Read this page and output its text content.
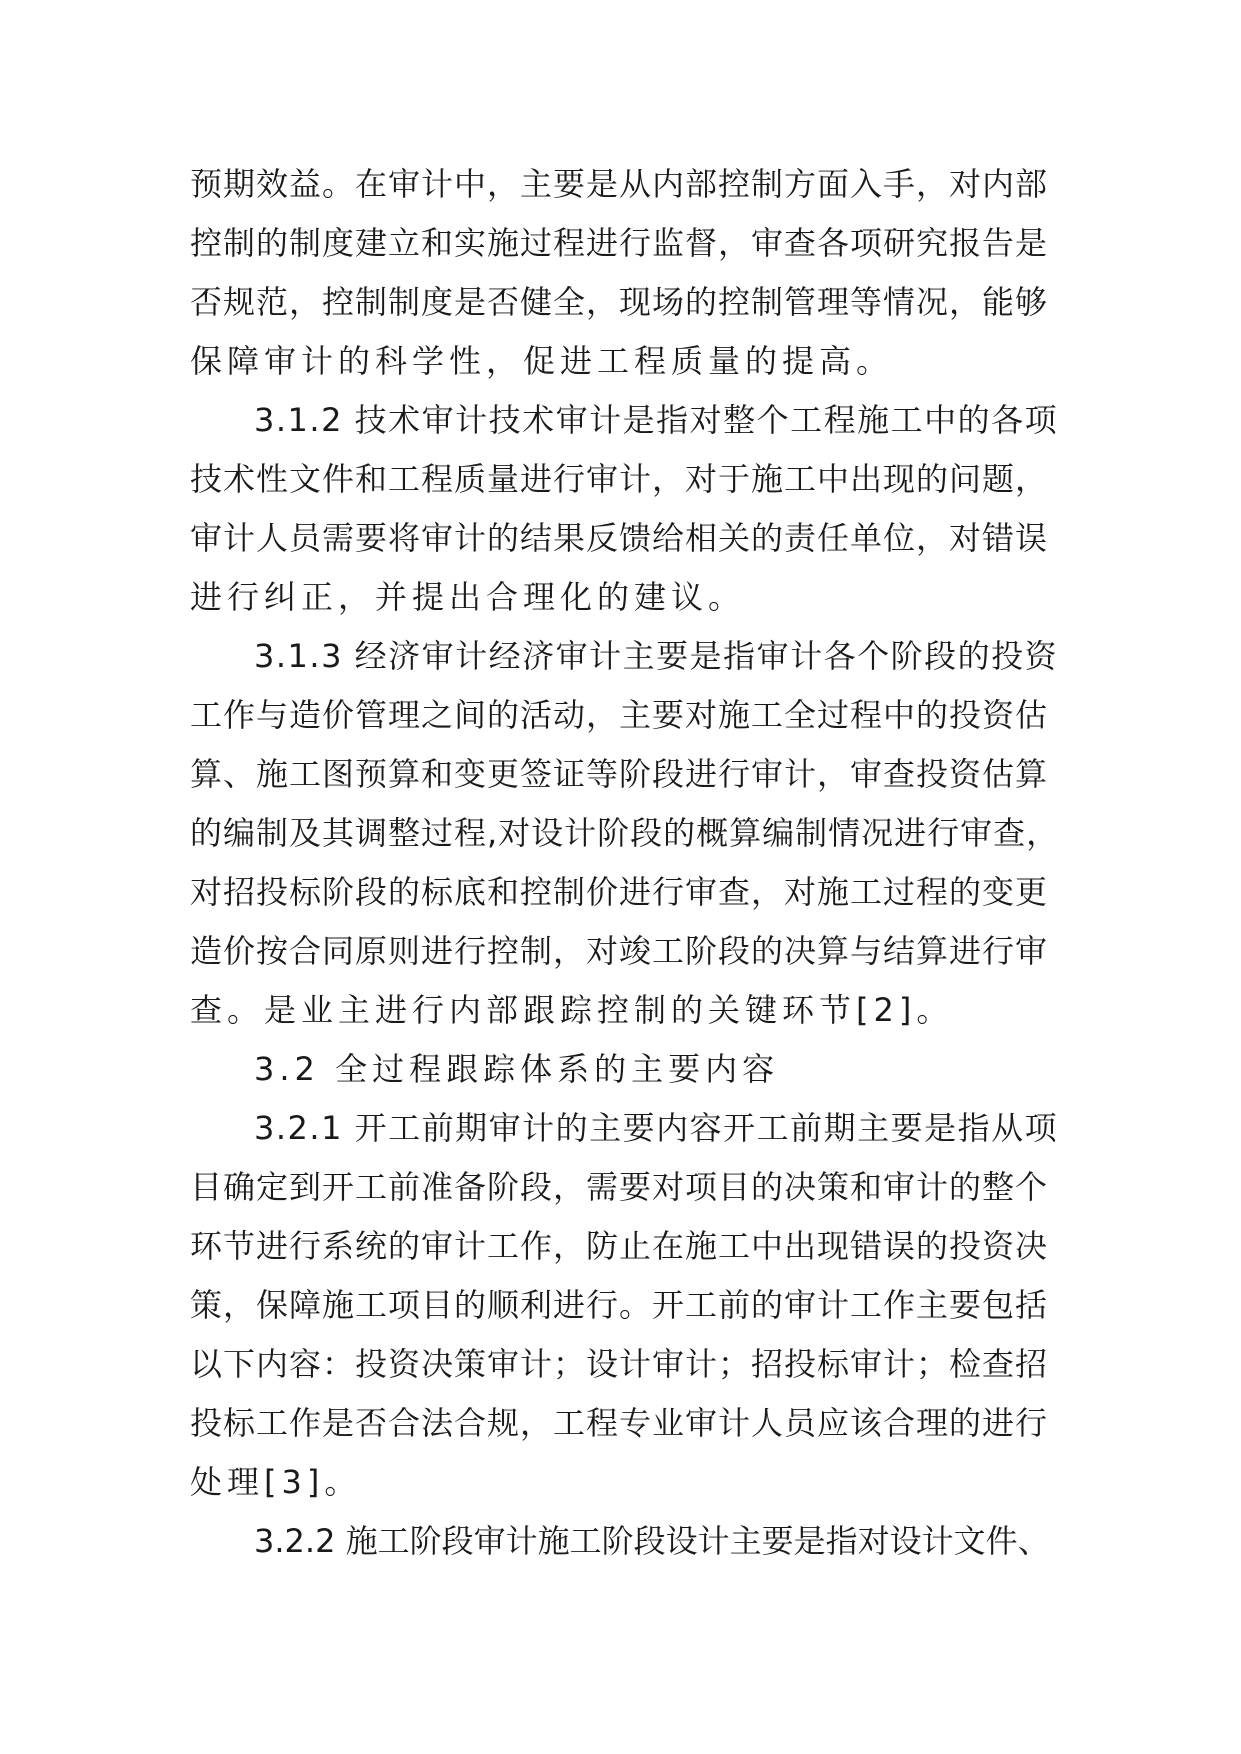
预期效益。在审计中，主要是从内部控制方面入手，对内部
控制的制度建立和实施过程进行监督，审查各项研究报告是
否规范，控制制度是否健全，现场的控制管理等情况，能够
保障审计的科学性，促进工程质量的提高。
3.1.2 技术审计技术审计是指对整个工程施工中的各项
技术性文件和工程质量进行审计，对于施工中出现的问题，
审计人员需要将审计的结果反馈给相关的责任单位，对错误
进行纠正，并提出合理化的建议。
3.1.3 经济审计经济审计主要是指审计各个阶段的投资
工作与造价管理之间的活动，主要对施工全过程中的投资估
算、施工图预算和变更签证等阶段进行审计，审查投资估算
的编制及其调整过程,对设计阶段的概算编制情况进行审查，
对招投标阶段的标底和控制价进行审查，对施工过程的变更
造价按合同原则进行控制，对竣工阶段的决算与结算进行审
查。是业主进行内部跟踪控制的关键环节[2]。
3.2 全过程跟踪体系的主要内容
3.2.1 开工前期审计的主要内容开工前期主要是指从项
目确定到开工前准备阶段，需要对项目的决策和审计的整个
环节进行系统的审计工作，防止在施工中出现错误的投资决
策，保障施工项目的顺利进行。开工前的审计工作主要包括
以下内容：投资决策审计；设计审计；招投标审计；检查招
投标工作是否合法合规，工程专业审计人员应该合理的进行
处理[3]。
3.2.2 施工阶段审计施工阶段设计主要是指对设计文件、
